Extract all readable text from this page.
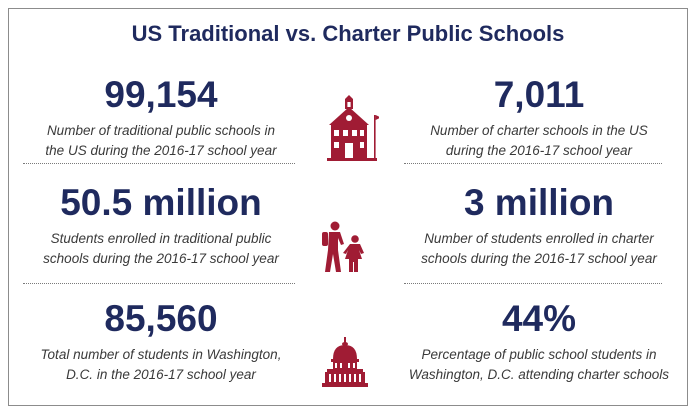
US Traditional vs. Charter Public Schools
99,154
Number of traditional public schools in
the US during the 2016-17 school year
7,011
Number of charter schools in the US
during the 2016-17 school year
50.5 million
Students enrolled in traditional public
schools during the 2016-17 school year
3 million
Number of students enrolled in charter
schools during the 2016-17 school year
85,560
Total number of students in Washington,
D.C. in the 2016-17 school year
44%
Percentage of public school students in
Washington, D.C. attending charter schools
